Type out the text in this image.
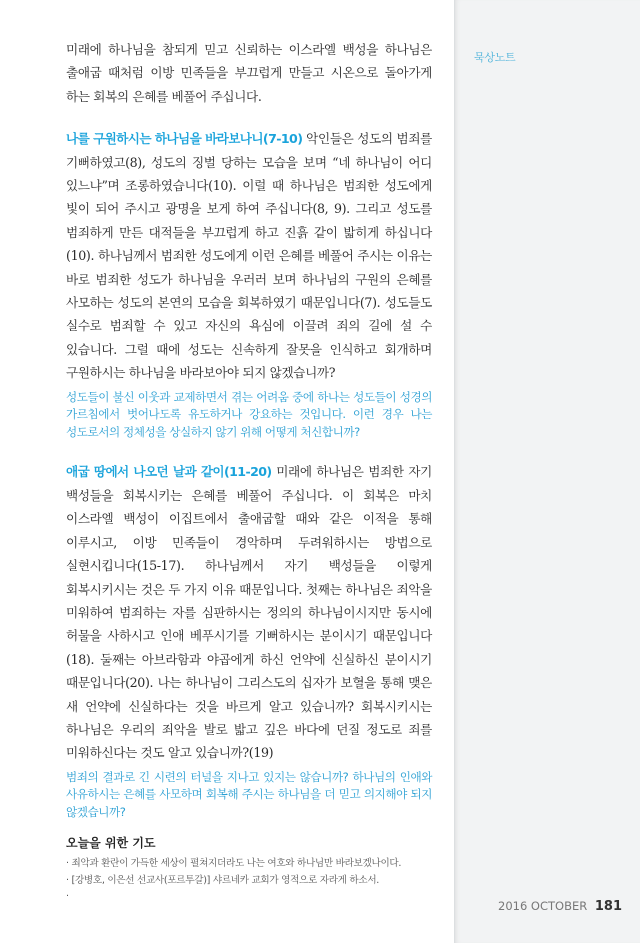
묵상노트

미래에 하나님을 참되게 믿고 신뢰하는 이스라엘 백성을 하나님은 출애굽 때처럼 이방 민족들을 부끄럽게 만들고 시온으로 돌아가게 하는 회복의 은혜를 베풀어 주십니다.

나를 구원하시는 하나님을 바라보나니(7-10) 악인들은 성도의 범죄를 기뻐하였고(8), 성도의 징벌 당하는 모습을 보며 “네 하나님이 어디 있느냐”며 조롱하였습니다(10). 이럴 때 하나님은 범죄한 성도에게 빛이 되어 주시고 광명을 보게 하여 주십니다(8, 9). 그리고 성도를 범죄하게 만든 대적들을 부끄럽게 하고 진흙 같이 밟히게 하십니다(10). 하나님께서 범죄한 성도에게 이런 은혜를 베풀어 주시는 이유는 바로 범죄한 성도가 하나님을 우러러 보며 하나님의 구원의 은혜를 사모하는 성도의 본연의 모습을 회복하였기 때문입니다(7). 성도들도 실수로 범죄할 수 있고 자신의 욕심에 이끌려 죄의 길에 설 수 있습니다. 그럴 때에 성도는 신속하게 잘못을 인식하고 회개하며 구원하시는 하나님을 바라보아야 되지 않겠습니까?

성도들이 불신 이웃과 교제하면서 겪는 어려움 중에 하나는 성도들이 성경의 가르침에서 벗어나도록 유도하거나 강요하는 것입니다. 이런 경우 나는 성도로서의 정체성을 상실하지 않기 위해 어떻게 처신합니까?

애굽 땅에서 나오던 날과 같이(11-20) 미래에 하나님은 범죄한 자기 백성들을 회복시키는 은혜를 베풀어 주십니다. 이 회복은 마치 이스라엘 백성이 이집트에서 출애굽할 때와 같은 이적을 통해 이루시고, 이방 민족들이 경악하며 두려워하시는 방법으로 실현시킵니다(15-17). 하나님께서 자기 백성들을 이렇게 회복시키시는 것은 두 가지 이유 때문입니다. 첫째는 하나님은 죄악을 미워하여 범죄하는 자를 심판하시는 정의의 하나님이시지만 동시에 허물을 사하시고 인애 베푸시기를 기뻐하시는 분이시기 때문입니다(18). 둘째는 아브라함과 야곱에게 하신 언약에 신실하신 분이시기 때문입니다(20). 나는 하나님이 그리스도의 십자가 보혈을 통해 맺은 새 언약에 신실하다는 것을 바르게 알고 있습니까? 회복시키시는 하나님은 우리의 죄악을 발로 밟고 깊은 바다에 던질 정도로 죄를 미워하신다는 것도 알고 있습니까?(19)

범죄의 결과로 긴 시련의 터널을 지나고 있지는 않습니까? 하나님의 인애와 사유하시는 은혜를 사모하며 회복해 주시는 하나님을 더 믿고 의지해야 되지 않겠습니까?

오늘을 위한 기도
· 죄악과 환란이 가득한 세상이 펼쳐지더라도 나는 여호와 하나님만 바라보겠나이다.
· [강병호, 이은선 선교사(포르투갈)] 샤르네카 교회가 영적으로 자라게 하소서.
·
2016 OCTOBER 181
